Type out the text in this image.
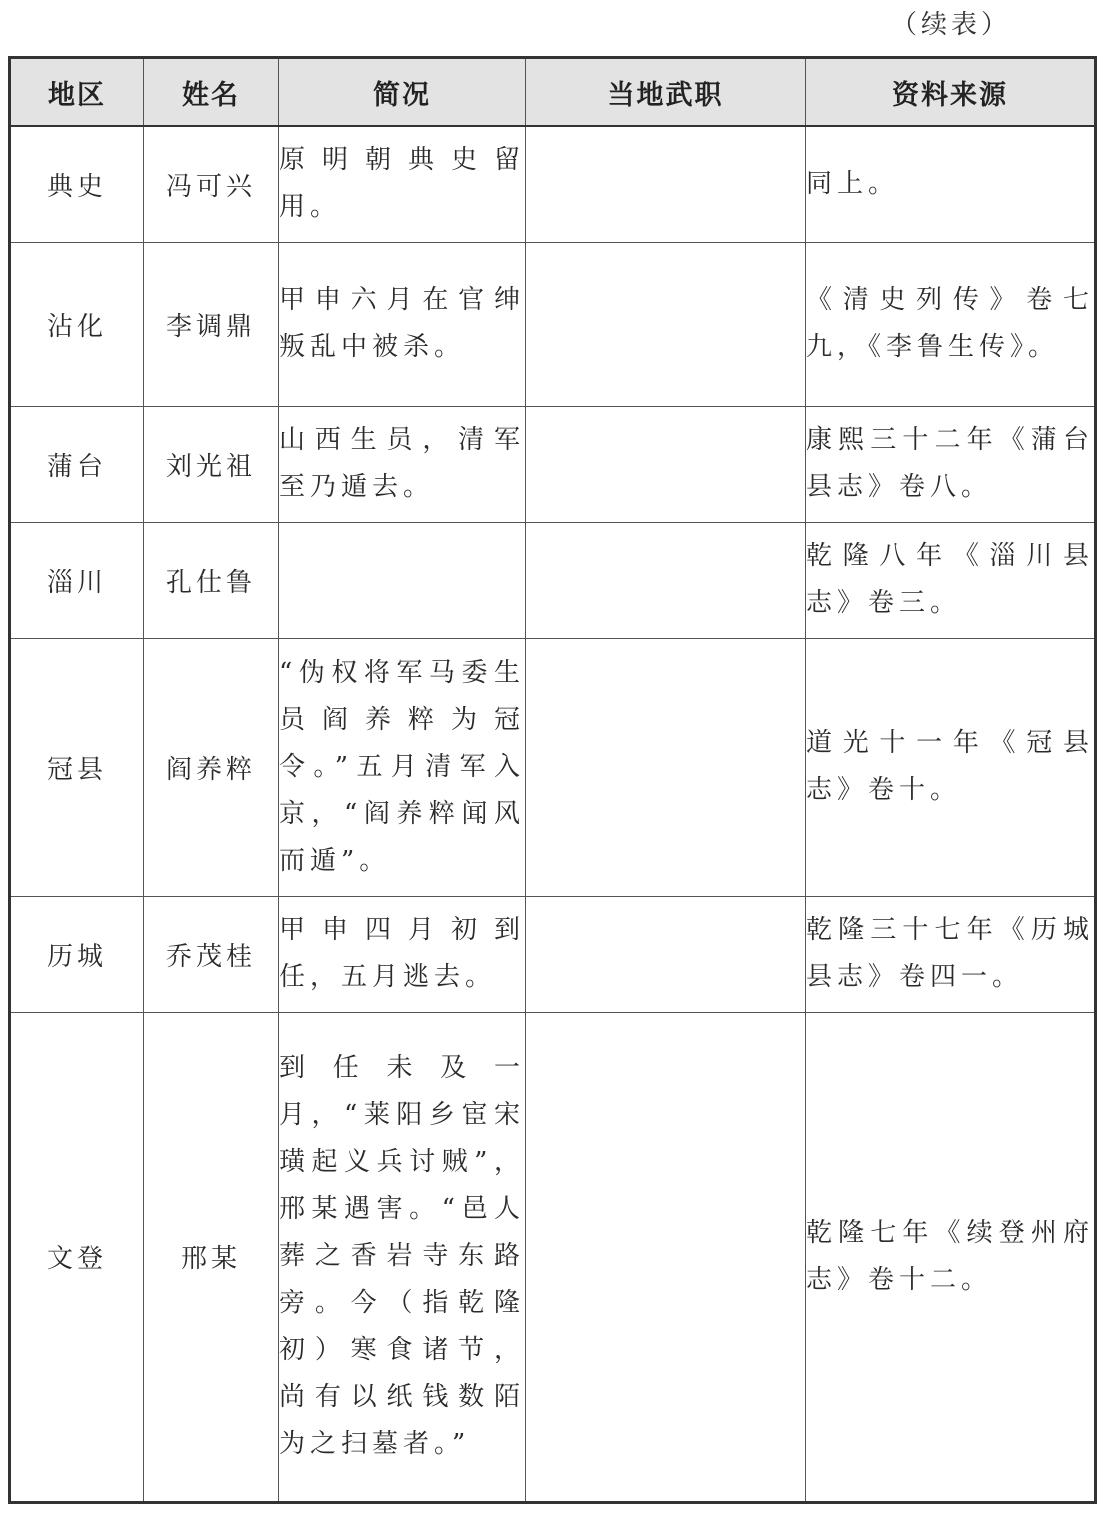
（续表）
地区	姓名	简况	当地武职	资料来源
典史	冯可兴	原明朝典史留用。		同上。
沾化	李调鼎	甲申六月在官绅叛乱中被杀。		《清史列传》卷七九，《李鲁生传》。
蒲台	刘光祖	山西生员，清军至乃遁去。		康熙三十二年《蒲台县志》卷八。
淄川	孔仕鲁			乾隆八年《淄川县志》卷三。
冠县	阎养粹	“伪权将军马委生员阎养粹为冠令。”五月清军入京，“阎养粹闻风而遁”。		道光十一年《冠县志》卷十。
历城	乔茂桂	甲申四月初到任，五月逃去。		乾隆三十七年《历城县志》卷四一。
文登	邢某	到任未及一月，“莱阳乡宦宋璜起义兵讨贼”，邢某遇害。“邑人葬之香岩寺东路旁。今（指乾隆初）寒食诸节，尚有以纸钱数陌为之扫墓者。”		乾隆七年《续登州府志》卷十二。
